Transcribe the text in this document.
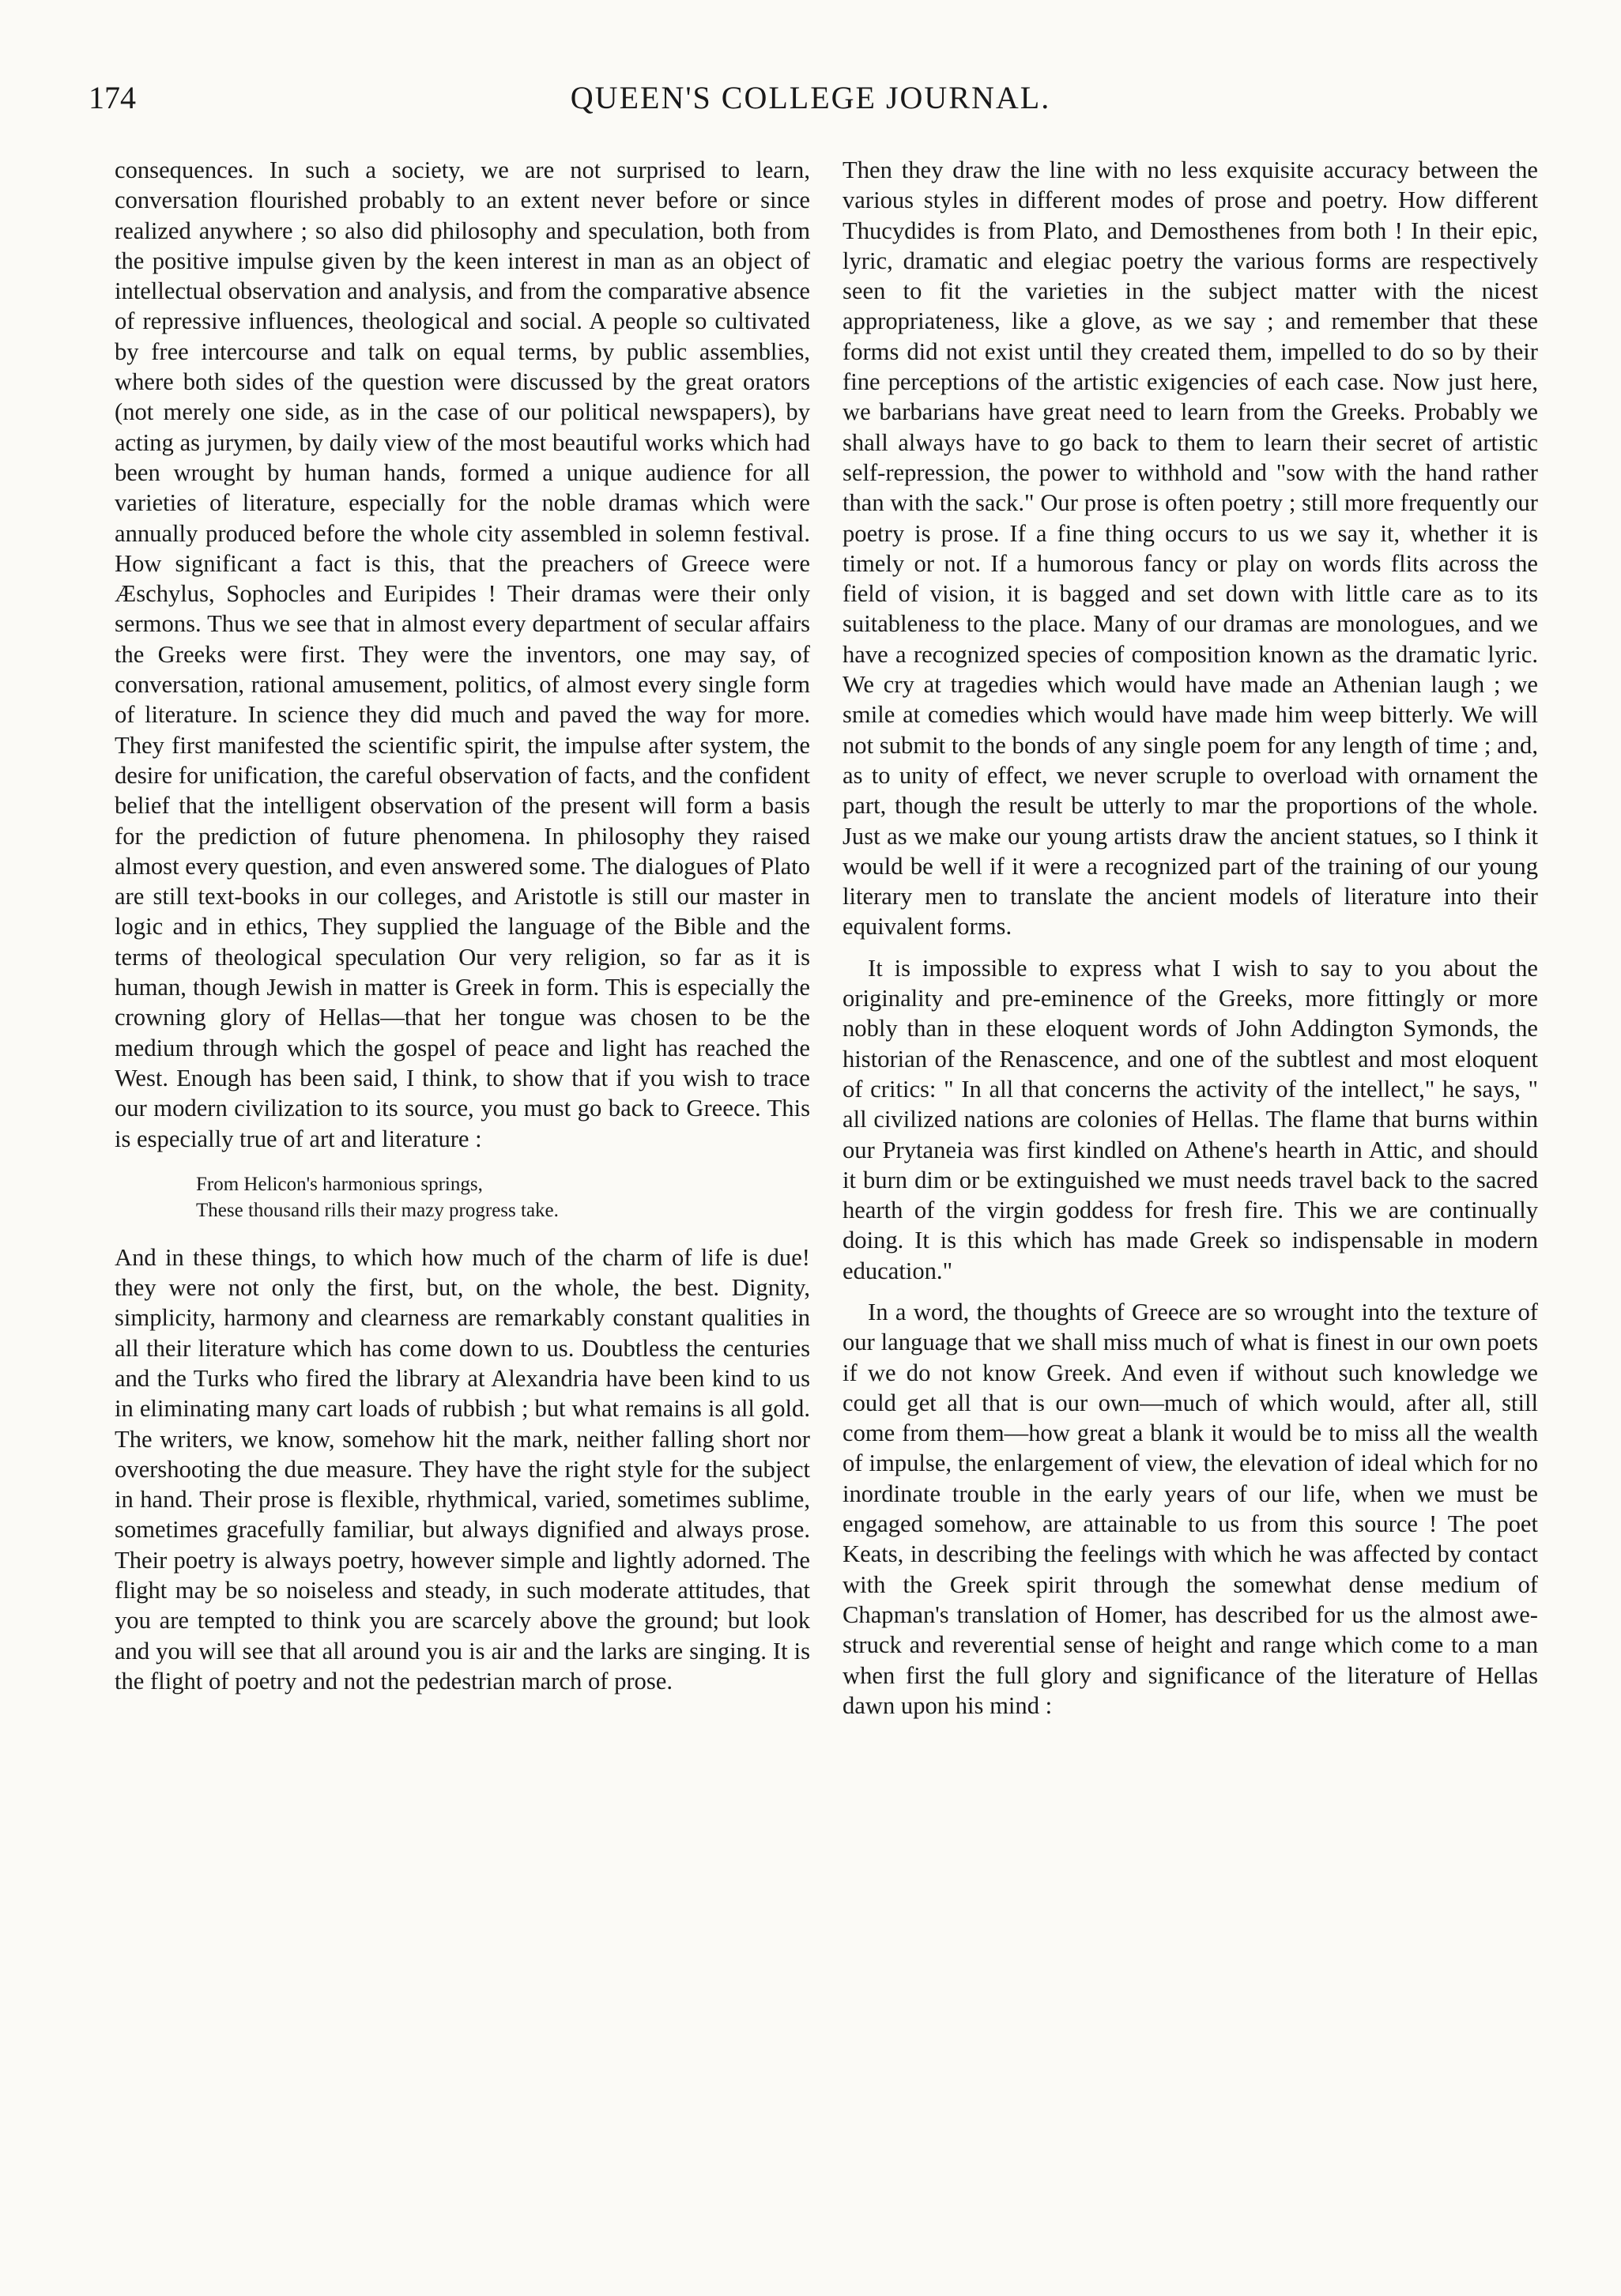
174	QUEEN'S COLLEGE JOURNAL.

consequences. In such a society, we are not surprised to learn, conversation flourished probably to an extent never before or since realized anywhere ; so also did philosophy and speculation, both from the positive impulse given by the keen interest in man as an object of intellectual observation and analysis, and from the comparative absence of repressive influences, theological and social. A people so cultivated by free intercourse and talk on equal terms, by public assemblies, where both sides of the question were discussed by the great orators (not merely one side, as in the case of our political newspapers), by acting as jurymen, by daily view of the most beautiful works which had been wrought by human hands, formed a unique audience for all varieties of literature, especially for the noble dramas which were annually produced before the whole city assembled in solemn festival. How significant a fact is this, that the preachers of Greece were Æschylus, Sophocles and Euripides ! Their dramas were their only sermons. Thus we see that in almost every department of secular affairs the Greeks were first. They were the inventors, one may say, of conversation, rational amusement, politics, of almost every single form of literature. In science they did much and paved the way for more. They first manifested the scientific spirit, the impulse after system, the desire for unification, the careful observation of facts, and the confident belief that the intelligent observation of the present will form a basis for the prediction of future phenomena. In philosophy they raised almost every question, and even answered some. The dialogues of Plato are still text-books in our colleges, and Aristotle is still our master in logic and in ethics, They supplied the language of the Bible and the terms of theological speculation Our very religion, so far as it is human, though Jewish in matter is Greek in form. This is especially the crowning glory of Hellas—that her tongue was chosen to be the medium through which the gospel of peace and light has reached the West. Enough has been said, I think, to show that if you wish to trace our modern civilization to its source, you must go back to Greece. This is especially true of art and literature :

From Helicon's harmonious springs,
These thousand rills their mazy progress take.

And in these things, to which how much of the charm of life is due! they were not only the first, but, on the whole, the best. Dignity, simplicity, harmony and clearness are remarkably constant qualities in all their literature which has come down to us. Doubtless the centuries and the Turks who fired the library at Alexandria have been kind to us in eliminating many cart loads of rubbish ; but what remains is all gold. The writers, we know, somehow hit the mark, neither falling short nor overshooting the due measure. They have the right style for the subject in hand. Their prose is flexible, rhythmical, varied, sometimes sublime, sometimes gracefully familiar, but always dignified and always prose. Their poetry is always poetry, however simple and lightly adorned. The flight may be so noiseless and steady, in such moderate attitudes, that you are tempted to think you are scarcely above the ground; but look and you will see that all around you is air and the larks are singing. It is the flight of poetry and not the pedestrian march of prose.

Then they draw the line with no less exquisite accuracy between the various styles in different modes of prose and poetry. How different Thucydides is from Plato, and Demosthenes from both ! In their epic, lyric, dramatic and elegiac poetry the various forms are respectively seen to fit the varieties in the subject matter with the nicest appropriateness, like a glove, as we say ; and remember that these forms did not exist until they created them, impelled to do so by their fine perceptions of the artistic exigencies of each case. Now just here, we barbarians have great need to learn from the Greeks. Probably we shall always have to go back to them to learn their secret of artistic self-repression, the power to withhold and "sow with the hand rather than with the sack." Our prose is often poetry ; still more frequently our poetry is prose. If a fine thing occurs to us we say it, whether it is timely or not. If a humorous fancy or play on words flits across the field of vision, it is bagged and set down with little care as to its suitableness to the place. Many of our dramas are monologues, and we have a recognized species of composition known as the dramatic lyric. We cry at tragedies which would have made an Athenian laugh ; we smile at comedies which would have made him weep bitterly. We will not submit to the bonds of any single poem for any length of time ; and, as to unity of effect, we never scruple to overload with ornament the part, though the result be utterly to mar the proportions of the whole. Just as we make our young artists draw the ancient statues, so I think it would be well if it were a recognized part of the training of our young literary men to translate the ancient models of literature into their equivalent forms.

It is impossible to express what I wish to say to you about the originality and pre-eminence of the Greeks, more fittingly or more nobly than in these eloquent words of John Addington Symonds, the historian of the Renascence, and one of the subtlest and most eloquent of critics: " In all that concerns the activity of the intellect," he says, " all civilized nations are colonies of Hellas. The flame that burns within our Prytaneia was first kindled on Athene's hearth in Attic, and should it burn dim or be extinguished we must needs travel back to the sacred hearth of the virgin goddess for fresh fire. This we are continually doing. It is this which has made Greek so indispensable in modern education."

In a word, the thoughts of Greece are so wrought into the texture of our language that we shall miss much of what is finest in our own poets if we do not know Greek. And even if without such knowledge we could get all that is our own—much of which would, after all, still come from them—how great a blank it would be to miss all the wealth of impulse, the enlargement of view, the elevation of ideal which for no inordinate trouble in the early years of our life, when we must be engaged somehow, are attainable to us from this source ! The poet Keats, in describing the feelings with which he was affected by contact with the Greek spirit through the somewhat dense medium of Chapman's translation of Homer, has described for us the almost awe-struck and reverential sense of height and range which come to a man when first the full glory and significance of the literature of Hellas dawn upon his mind :
